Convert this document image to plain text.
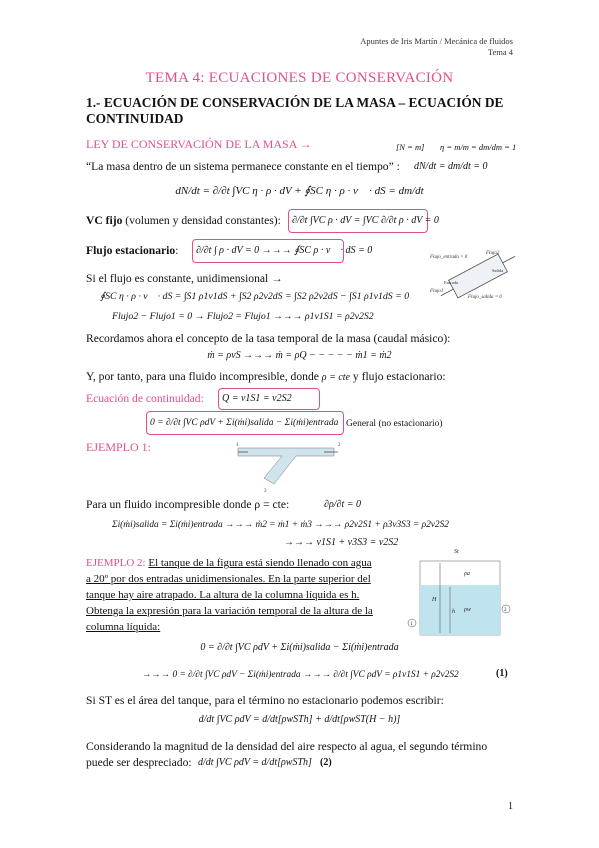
Apuntes de Iris Martín / Mecánica de fluidos
Tema 4
TEMA 4: ECUACIONES DE CONSERVACIÓN
1.- ECUACIÓN DE CONSERVACIÓN DE LA MASA – ECUACIÓN DE CONTINUIDAD
LEY DE CONSERVACIÓN DE LA MASA →	[N = m] η = m/m = dm/dm = 1
“La masa dentro de un sistema permanece constante en el tiempo” : dN/dt = dm/dt = 0
dN/dt = ∂/∂t ∫VC η · ρ · dV + ∮SC η · ρ · v⃗ · dS = dm/dt
VC fijo (volumen y densidad constantes): ∂/∂t ∫VC ρ · dV = ∫VC ∂/∂t ρ · dV = 0
Flujo estacionario: ∂/∂t ∫ ρ · dV = 0 →→→ ∮SC ρ · v⃗ · dS = 0
Flujo_entrada = 0
Flujo2
Flujo1
Flujo_salida = 0
Entrada
Salida
Si el flujo es constante, unidimensional →
∮SC η · ρ · v⃗ · dS = ∫S1 ρ1v1dS + ∫S2 ρ2v2dS = ∫S2 ρ2v2dS − ∫S1 ρ1v1dS = 0
Flujo2 − Flujo1 = 0 → Flujo2 = Flujo1 →→→ ρ1v1S1 = ρ2v2S2
Recordamos ahora el concepto de la tasa temporal de la masa (caudal másico):
ṁ = ρvS →→→ ṁ = ρQ − − − − − ṁ1 = ṁ2
Y, por tanto, para una fluido incompresible, donde ρ = cte y flujo estacionario:
Ecuación de continuidad: Q = v1S1 = v2S2
0 = ∂/∂t ∫VC ρdV + Σi(ṁi)salida − Σi(ṁi)entrada General (no estacionario)
EJEMPLO 1:	1	2
3
Para un fluido incompresible donde ρ = cte:	∂ρ/∂t = 0
Σi(ṁi)salida = Σi(ṁi)entrada →→→ ṁ2 = ṁ1 + ṁ3 →→→ ρ2v2S1 + ρ3v3S3 = ρ2v2S2
→→→ v1S1 + v3S3 = v2S2
EJEMPLO 2: El tanque de la figura está siendo llenado con agua
a 20º por dos entradas unidimensionales. En la parte superior del
tanque hay aire atrapado. La altura de la columna líquida es h.
Obtenga la expresión para la variación temporal de la altura de la
columna líquida:	1
2
St
ρa
ρw
H
h
0 = ∂/∂t ∫VC ρdV + Σi(ṁi)salida − Σi(ṁi)entrada
→→→ 0 = ∂/∂t ∫VC ρdV − Σi(ṁi)entrada →→→ ∂/∂t ∫VC ρdV = ρ1v1S1 + ρ2v2S2	(1)
Si ST es el área del tanque, para el término no estacionario podemos escribir:
d/dt ∫VC ρdV = d/dt[ρwSTh] + d/dt[ρwST(H − h)]
Considerando la magnitud de la densidad del aire respecto al agua, el segundo término
puede ser despreciado: d/dt ∫VC ρdV = d/dt[ρwSTh] (2)
1
